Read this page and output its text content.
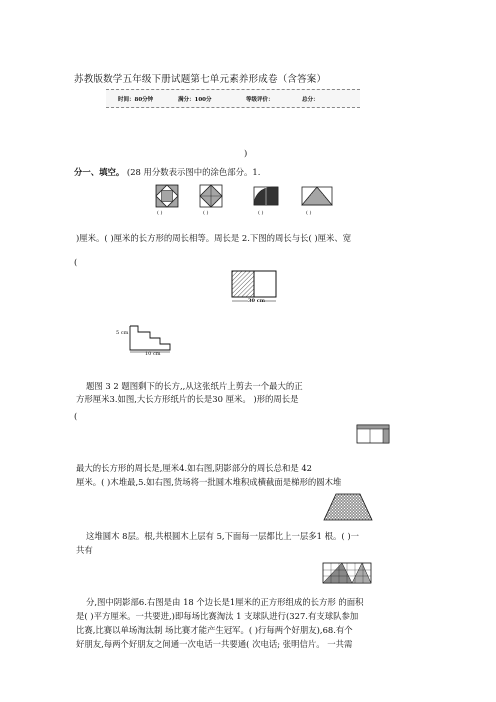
苏教版数学五年级下册试题第七单元素养形成卷（含答案）
时间：80分钟	满分：100分	等级评价：	总分：
)
分一、填空。 (28 用分数表示图中的涂色部分。1.
( )	( )	( )	( )
)厘米。( )厘米的长方形的周长相等。周长是 2.下图的周长与长( )厘米、宽
(
30 cm
5 cm
10 cm
题图 3 2 题图剩下的长方,,从这张纸片上剪去一个最大的正
方形厘米3.如图,大长方形纸片的长是30 厘米。 )形的周长是
(
最大的长方形的周长是,厘米4.如右图,阴影部分的周长总和是 42
厘米。( )木堆最,5.如右图,货场将一批圆木堆积成横截面是梯形的圆木堆
这堆圆木 8层。根,共根圆木上层有 5,下面每一层都比上一层多1 根。( )一
共有
分,图中阴影部6.右图是由 18 个边长是1厘米的正方形组成的长方形 的面积
是( )平方厘米。一共要进,)即每场比赛淘汰 1 支球队进行(327.有支球队参加
比赛,比赛以单场淘汰制 场比赛才能产生冠军。( )行每两个好朋友),68.有个
好朋友,每两个好朋友之间通一次电话一共要通( 次电话; 张明信片。 一共需
